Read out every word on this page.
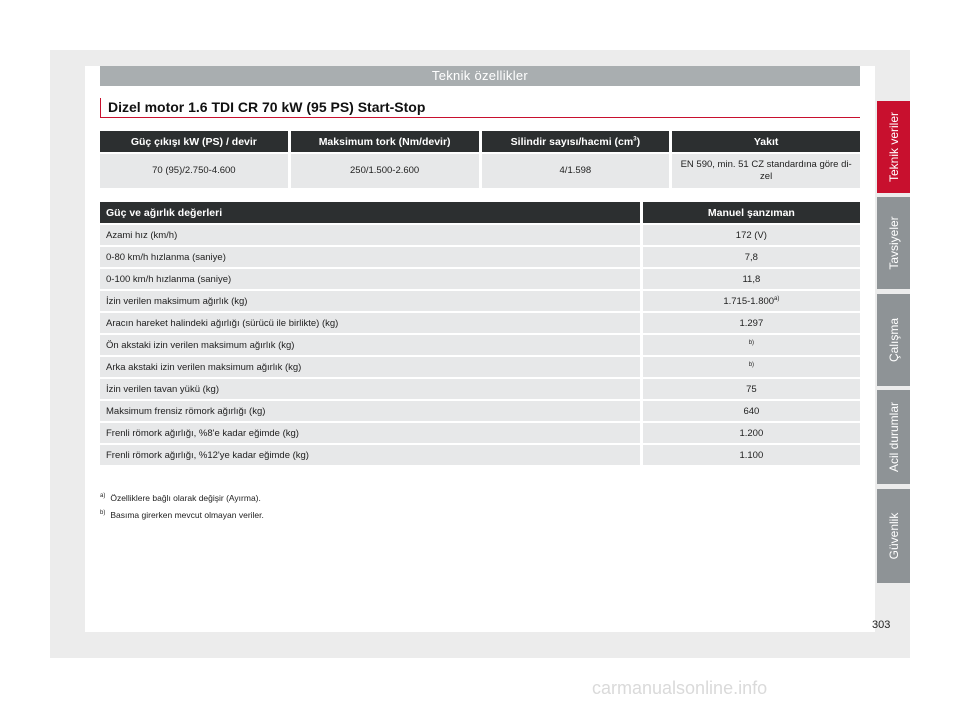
Teknik özellikler
Dizel motor 1.6 TDI CR 70 kW (95 PS) Start-Stop
Güç çıkışı kW (PS) / devir	Maksimum tork (Nm/devir)	Silindir sayısı/hacmi $(cm^3)$	Yakıt
70 (95)/2.750-4.600	250/1.500-2.600	4/1.598	EN 590, min. 51 CZ standardına göre di-
zel
Güç ve ağırlık değerleri	Manuel şanzıman
Azami hız (km/h)	172 (V)
0-80 km/h hızlanma (saniye)	7,8
0-100 km/h hızlanma (saniye)	11,8
İzin verilen maksimum ağırlık (kg)	1.715-1.800$^{a)}$
Aracın hareket halindeki ağırlığı (sürücü ile birlikte) (kg)	1.297
Ön akstaki izin verilen maksimum ağırlık (kg)	$^{b)}$
Arka akstaki izin verilen maksimum ağırlık (kg)	$^{b)}$
İzin verilen tavan yükü (kg)	75
Maksimum frensiz römork ağırlığı (kg)	640
Frenli römork ağırlığı, %8'e kadar eğimde (kg)	1.200
Frenli römork ağırlığı, %12'ye kadar eğimde (kg)	1.100
$^{a)}$ Özelliklere bağlı olarak değişir (Ayırma).
$^{b)}$ Basıma girerken mevcut olmayan veriler.
Teknik veriler
Tavsiyeler
Çalışma
Acil durumlar
Güvenlik
303
carmanualsonline.info
